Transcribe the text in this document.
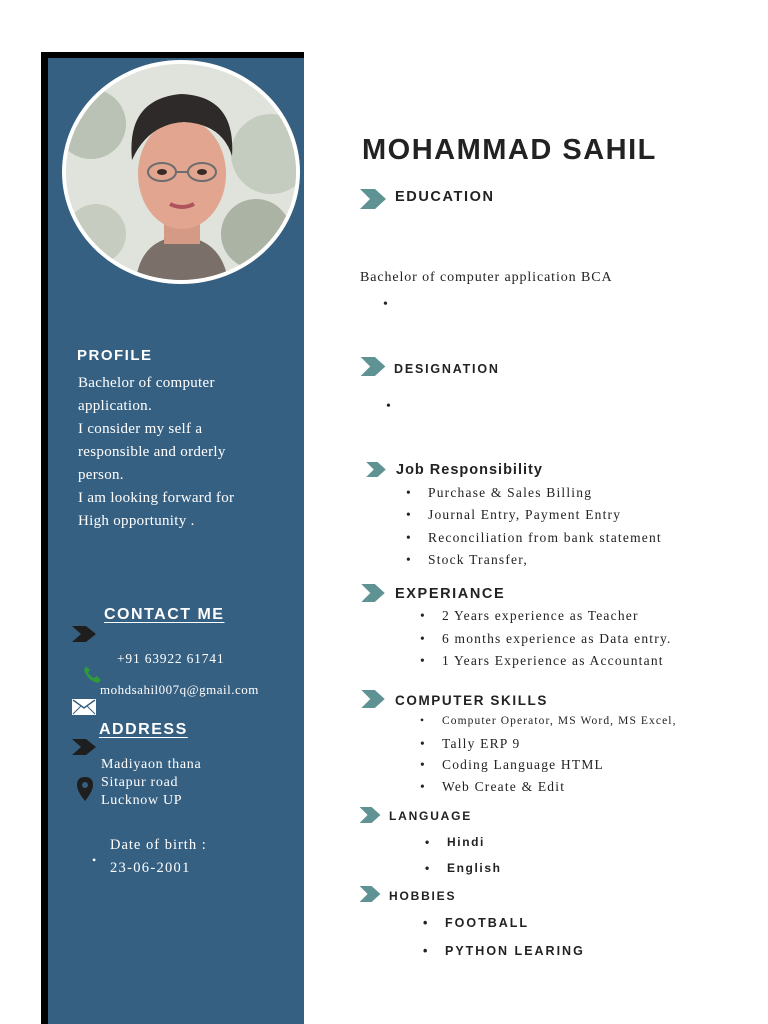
PROFILE
Bachelor of computer
application.
I consider my self a
responsible and orderly
person.
I am looking forward for
High opportunity .
CONTACT ME
+91 63922 61741
mohdsahil007q@gmail.com
ADDRESS
Madiyaon thana
Sitapur road
Lucknow UP
Date of birth :
• 23-06-2001
MOHAMMAD SAHIL
EDUCATION
Bachelor of computer application BCA
•
DESIGNATION
•
Job Responsibility
• Purchase & Sales Billing
• Journal Entry, Payment Entry
• Reconciliation from bank statement
• Stock Transfer,
EXPERIANCE
• 2 Years experience as Teacher
• 6 months experience as Data entry.
• 1 Years Experience as Accountant
COMPUTER SKILLS
• Computer Operator, MS Word, MS Excel,
• Tally ERP 9
• Coding Language HTML
• Web Create & Edit
LANGUAGE
• Hindi
• English
HOBBIES
• FOOTBALL
• PYTHON LEARING
